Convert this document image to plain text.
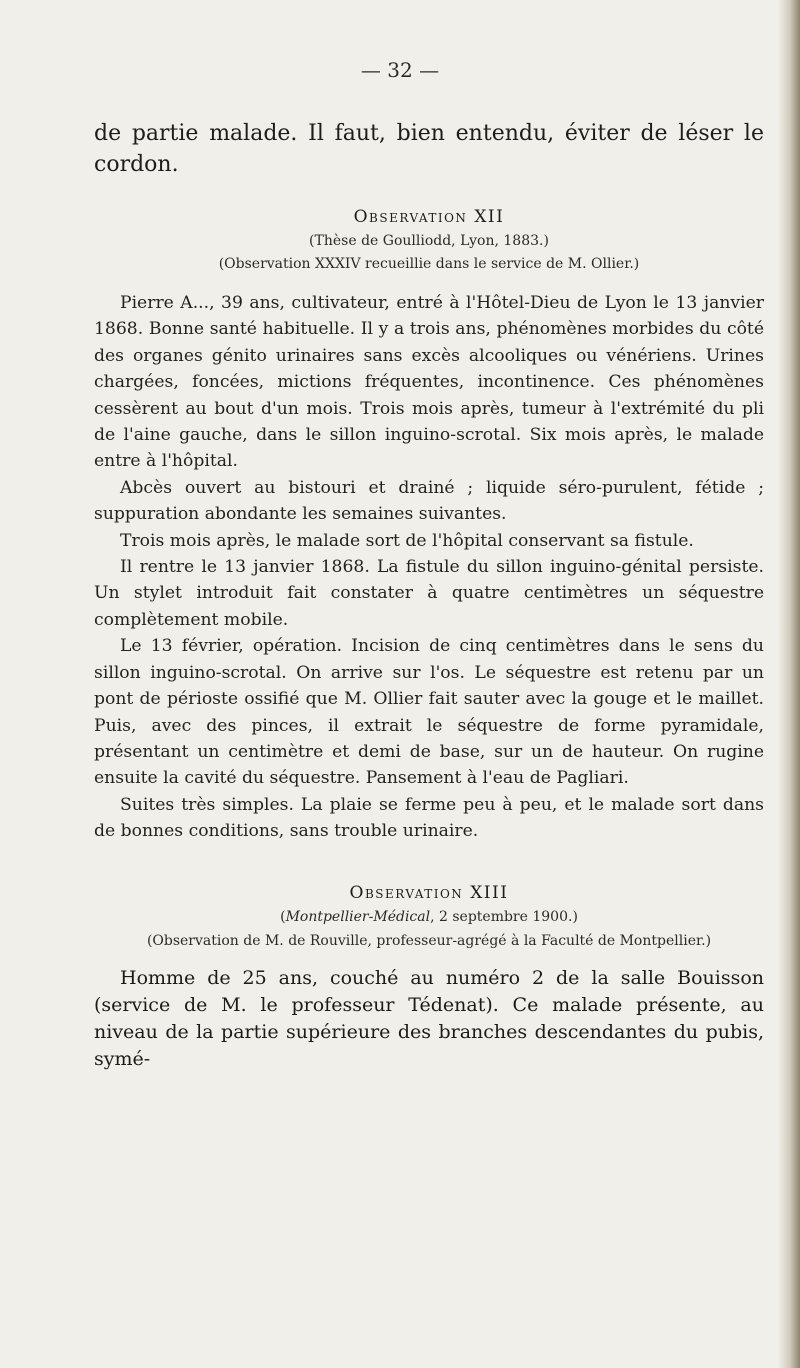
— 32 —

de partie malade. Il faut, bien entendu, éviter de léser le cordon.

Observation XII

(Thèse de Goulliodd, Lyon, 1883.)

(Observation XXXIV recueillie dans le service de M. Ollier.)

Pierre A..., 39 ans, cultivateur, entré à l'Hôtel-Dieu de Lyon le 13 janvier 1868. Bonne santé habituelle. Il y a trois ans, phénomènes morbides du côté des organes génito urinaires sans excès alcooliques ou vénériens. Urines chargées, foncées, mictions fréquentes, incontinence. Ces phénomènes cessèrent au bout d'un mois. Trois mois après, tumeur à l'extrémité du pli de l'aine gauche, dans le sillon inguino-scrotal. Six mois après, le malade entre à l'hôpital.

Abcès ouvert au bistouri et drainé ; liquide séro-purulent, fétide ; suppuration abondante les semaines suivantes.

Trois mois après, le malade sort de l'hôpital conservant sa fistule.

Il rentre le 13 janvier 1868. La fistule du sillon inguino-génital persiste. Un stylet introduit fait constater à quatre centimètres un séquestre complètement mobile.

Le 13 février, opération. Incision de cinq centimètres dans le sens du sillon inguino-scrotal. On arrive sur l'os. Le séquestre est retenu par un pont de périoste ossifié que M. Ollier fait sauter avec la gouge et le maillet. Puis, avec des pinces, il extrait le séquestre de forme pyramidale, présentant un centimètre et demi de base, sur un de hauteur. On rugine ensuite la cavité du séquestre. Pansement à l'eau de Pagliari.

Suites très simples. La plaie se ferme peu à peu, et le malade sort dans de bonnes conditions, sans trouble urinaire.

Observation XIII

(Montpellier-Médical, 2 septembre 1900.)

(Observation de M. de Rouville, professeur-agrégé à la Faculté de Montpellier.)

Homme de 25 ans, couché au numéro 2 de la salle Bouisson (service de M. le professeur Tédenat). Ce malade présente, au niveau de la partie supérieure des branches descendantes du pubis, symé-
